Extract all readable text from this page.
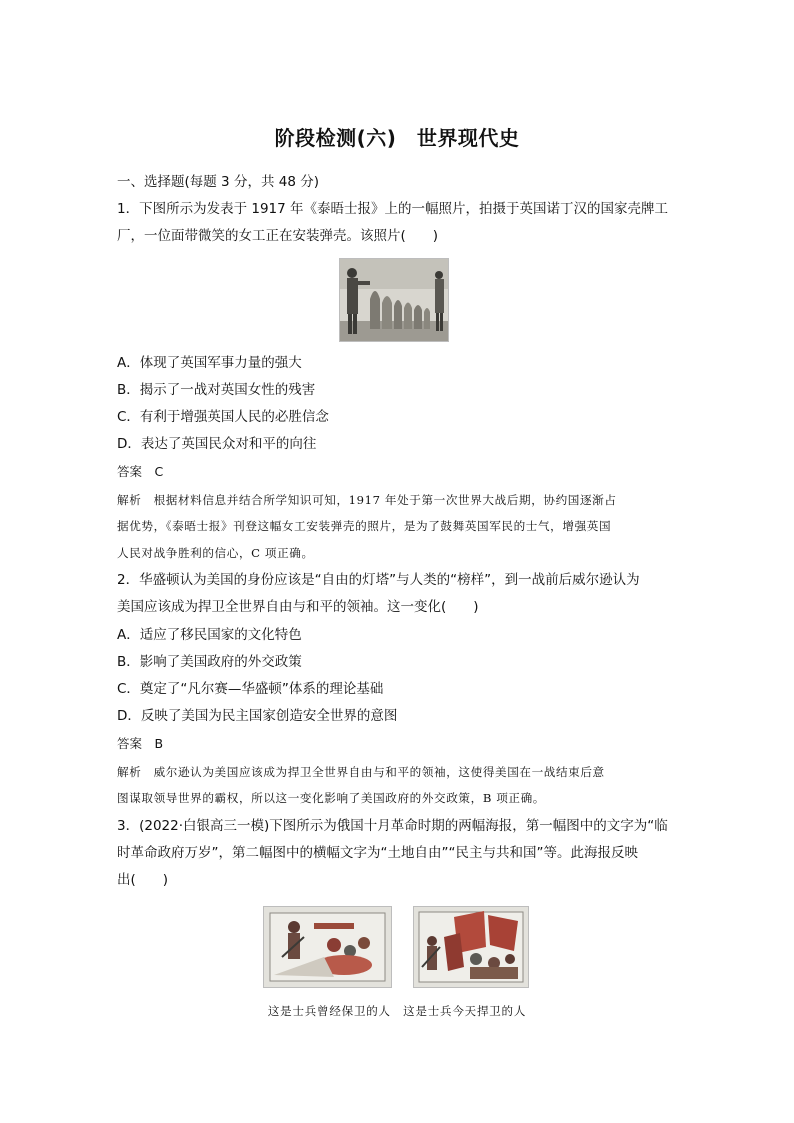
阶段检测(六)　世界现代史
一、选择题(每题 3 分，共 48 分)
1．下图所示为发表于 1917 年《泰晤士报》上的一幅照片，拍摄于英国诺丁汉的国家壳牌工
厂，一位面带微笑的女工正在安装弹壳。该照片(　　)
A．体现了英国军事力量的强大
B．揭示了一战对英国女性的残害
C．有利于增强英国人民的必胜信念
D．表达了英国民众对和平的向往
答案　C
解析　根据材料信息并结合所学知识可知，1917 年处于第一次世界大战后期，协约国逐渐占
据优势，《泰晤士报》刊登这幅女工安装弹壳的照片，是为了鼓舞英国军民的士气，增强英国
人民对战争胜利的信心，C 项正确。
2．华盛顿认为美国的身份应该是“自由的灯塔”与人类的“榜样”，到一战前后威尔逊认为
美国应该成为捍卫全世界自由与和平的领袖。这一变化(　　)
A．适应了移民国家的文化特色
B．影响了美国政府的外交政策
C．奠定了“凡尔赛—华盛顿”体系的理论基础
D．反映了美国为民主国家创造安全世界的意图
答案　B
解析　威尔逊认为美国应该成为捍卫全世界自由与和平的领袖，这使得美国在一战结束后意
图谋取领导世界的霸权，所以这一变化影响了美国政府的外交政策，B 项正确。
3．(2022·白银高三一模)下图所示为俄国十月革命时期的两幅海报，第一幅图中的文字为“临
时革命政府万岁”，第二幅图中的横幅文字为“土地自由”“民主与共和国”等。此海报反映
出(　　)
这是士兵曾经保卫的人　这是士兵今天捍卫的人
